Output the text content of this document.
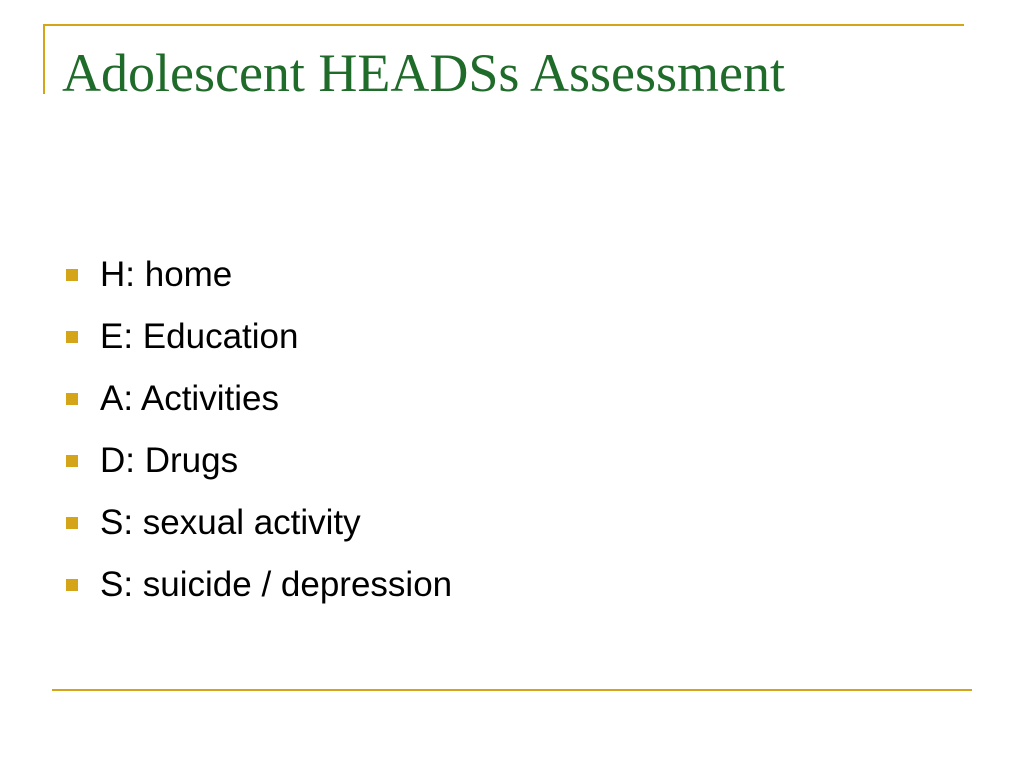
Adolescent HEADSs Assessment
H: home
E: Education
A: Activities
D: Drugs
S: sexual activity
S: suicide / depression
